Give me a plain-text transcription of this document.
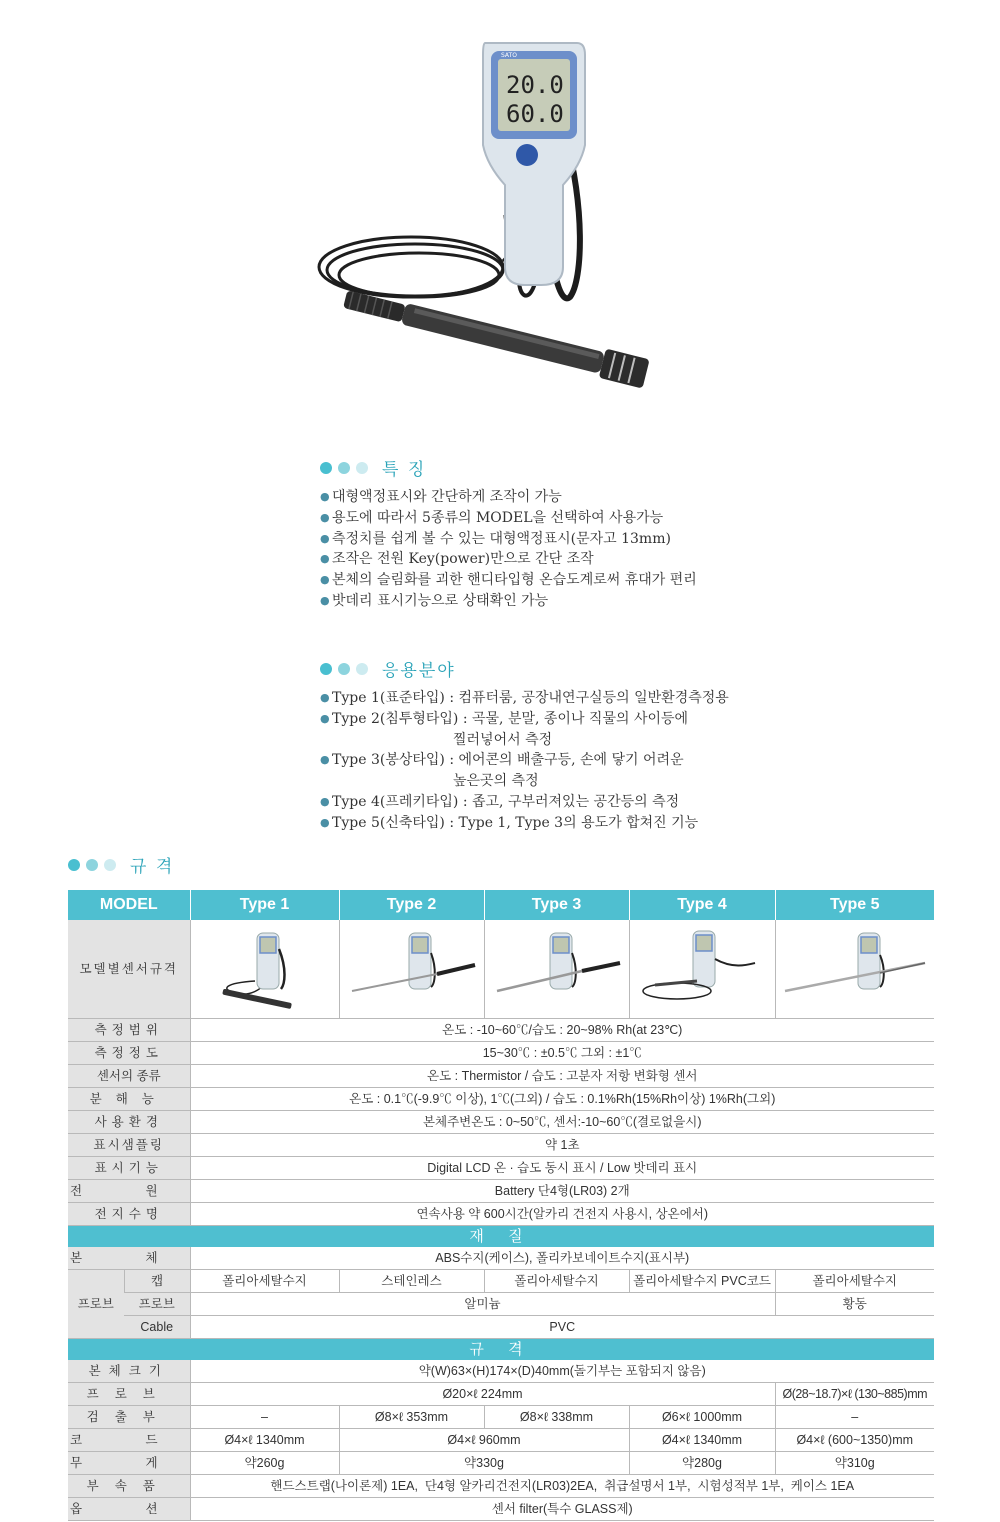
SATO
20.0
60.0
특 징
● 대형액정표시와 간단하게 조작이 가능
● 용도에 따라서 5종류의 MODEL을 선택하여 사용가능
● 측정치를 쉽게 볼 수 있는 대형액정표시(문자고 13mm)
● 조작은 전원 Key(power)만으로 간단 조작
● 본체의 슬림화를 괴한 핸디타입형 온습도계로써 휴대가 편리
● 밧데리 표시기능으로 상태확인 가능
응용분야
● Type 1(표준타입) : 컴퓨터룸, 공장내연구실등의 일반환경측정용
● Type 2(침투형타입) : 곡물, 분말, 종이나 직물의 사이등에
찔러넣어서 측정
● Type 3(봉상타입) : 에어콘의 배출구등, 손에 닿기 어려운
높은곳의 측정
● Type 4(프레키타입) : 좁고, 구부러져있는 공간등의 측정
● Type 5(신축타입) : Type 1, Type 3의 용도가 합쳐진 기능
규 격
MODEL		Type 1	Type 2	Type 3	Type 4	Type 5
모델별센서규격	

측정범위		온도 : -10~60℃/습도 : 20~98% Rh(at 23℃)				
측정정도		15~30℃ : ±0.5℃ 그외 : ±1℃				
센서의 종류		온도 : Thermistor / 습도 : 고분자 저항 변화형 센서				
분해능		온도 : 0.1℃(-9.9℃ 이상), 1℃(그외) / 습도 : 0.1%Rh(15%Rh이상) 1%Rh(그외)				
사용환경		본체주변온도 : 0~50℃, 센서:-10~60℃(결로없을시)				
표시샘플링		약 1초				
표시기능		Digital LCD 온 · 습도 동시 표시 / Low 밧데리 표시				
전 원		Battery 단4형(LR03) 2개				
전지수명		연속사용 약 600시간(알카리 건전지 사용시, 상온에서)				
재 질						
본 체		ABS수지(케이스), 폴리카보네이트수지(표시부)				
프로브	캡	폴리아세탈수지	스테인레스	폴리아세탈수지	폴리아세탈수지 PVC코드	폴리아세탈수지
	프로브	알미늄				황동
	Cable	PVC				
규 격						
본체크기		약(W)63×(H)174×(D)40mm(돌기부는 포함되지 않음)				
프로브		Ø20×ℓ 224mm				Ø(28~18.7)×ℓ (130~885)mm
검출부		–	Ø8×ℓ 353mm	Ø8×ℓ 338mm	Ø6×ℓ 1000mm	–
코 드		Ø4×ℓ 1340mm	Ø4×ℓ 960mm		Ø4×ℓ 1340mm	Ø4×ℓ (600~1350)mm
무 게		약260g	약330g		약280g	약310g
부속품		핸드스트랩(나이론제) 1EA,  단4형 알카리건전지(LR03)2EA,  취급설명서 1부,  시험성적부 1부,  케이스 1EA				
옵 션		센서 filter(특수 GLASS제)				
